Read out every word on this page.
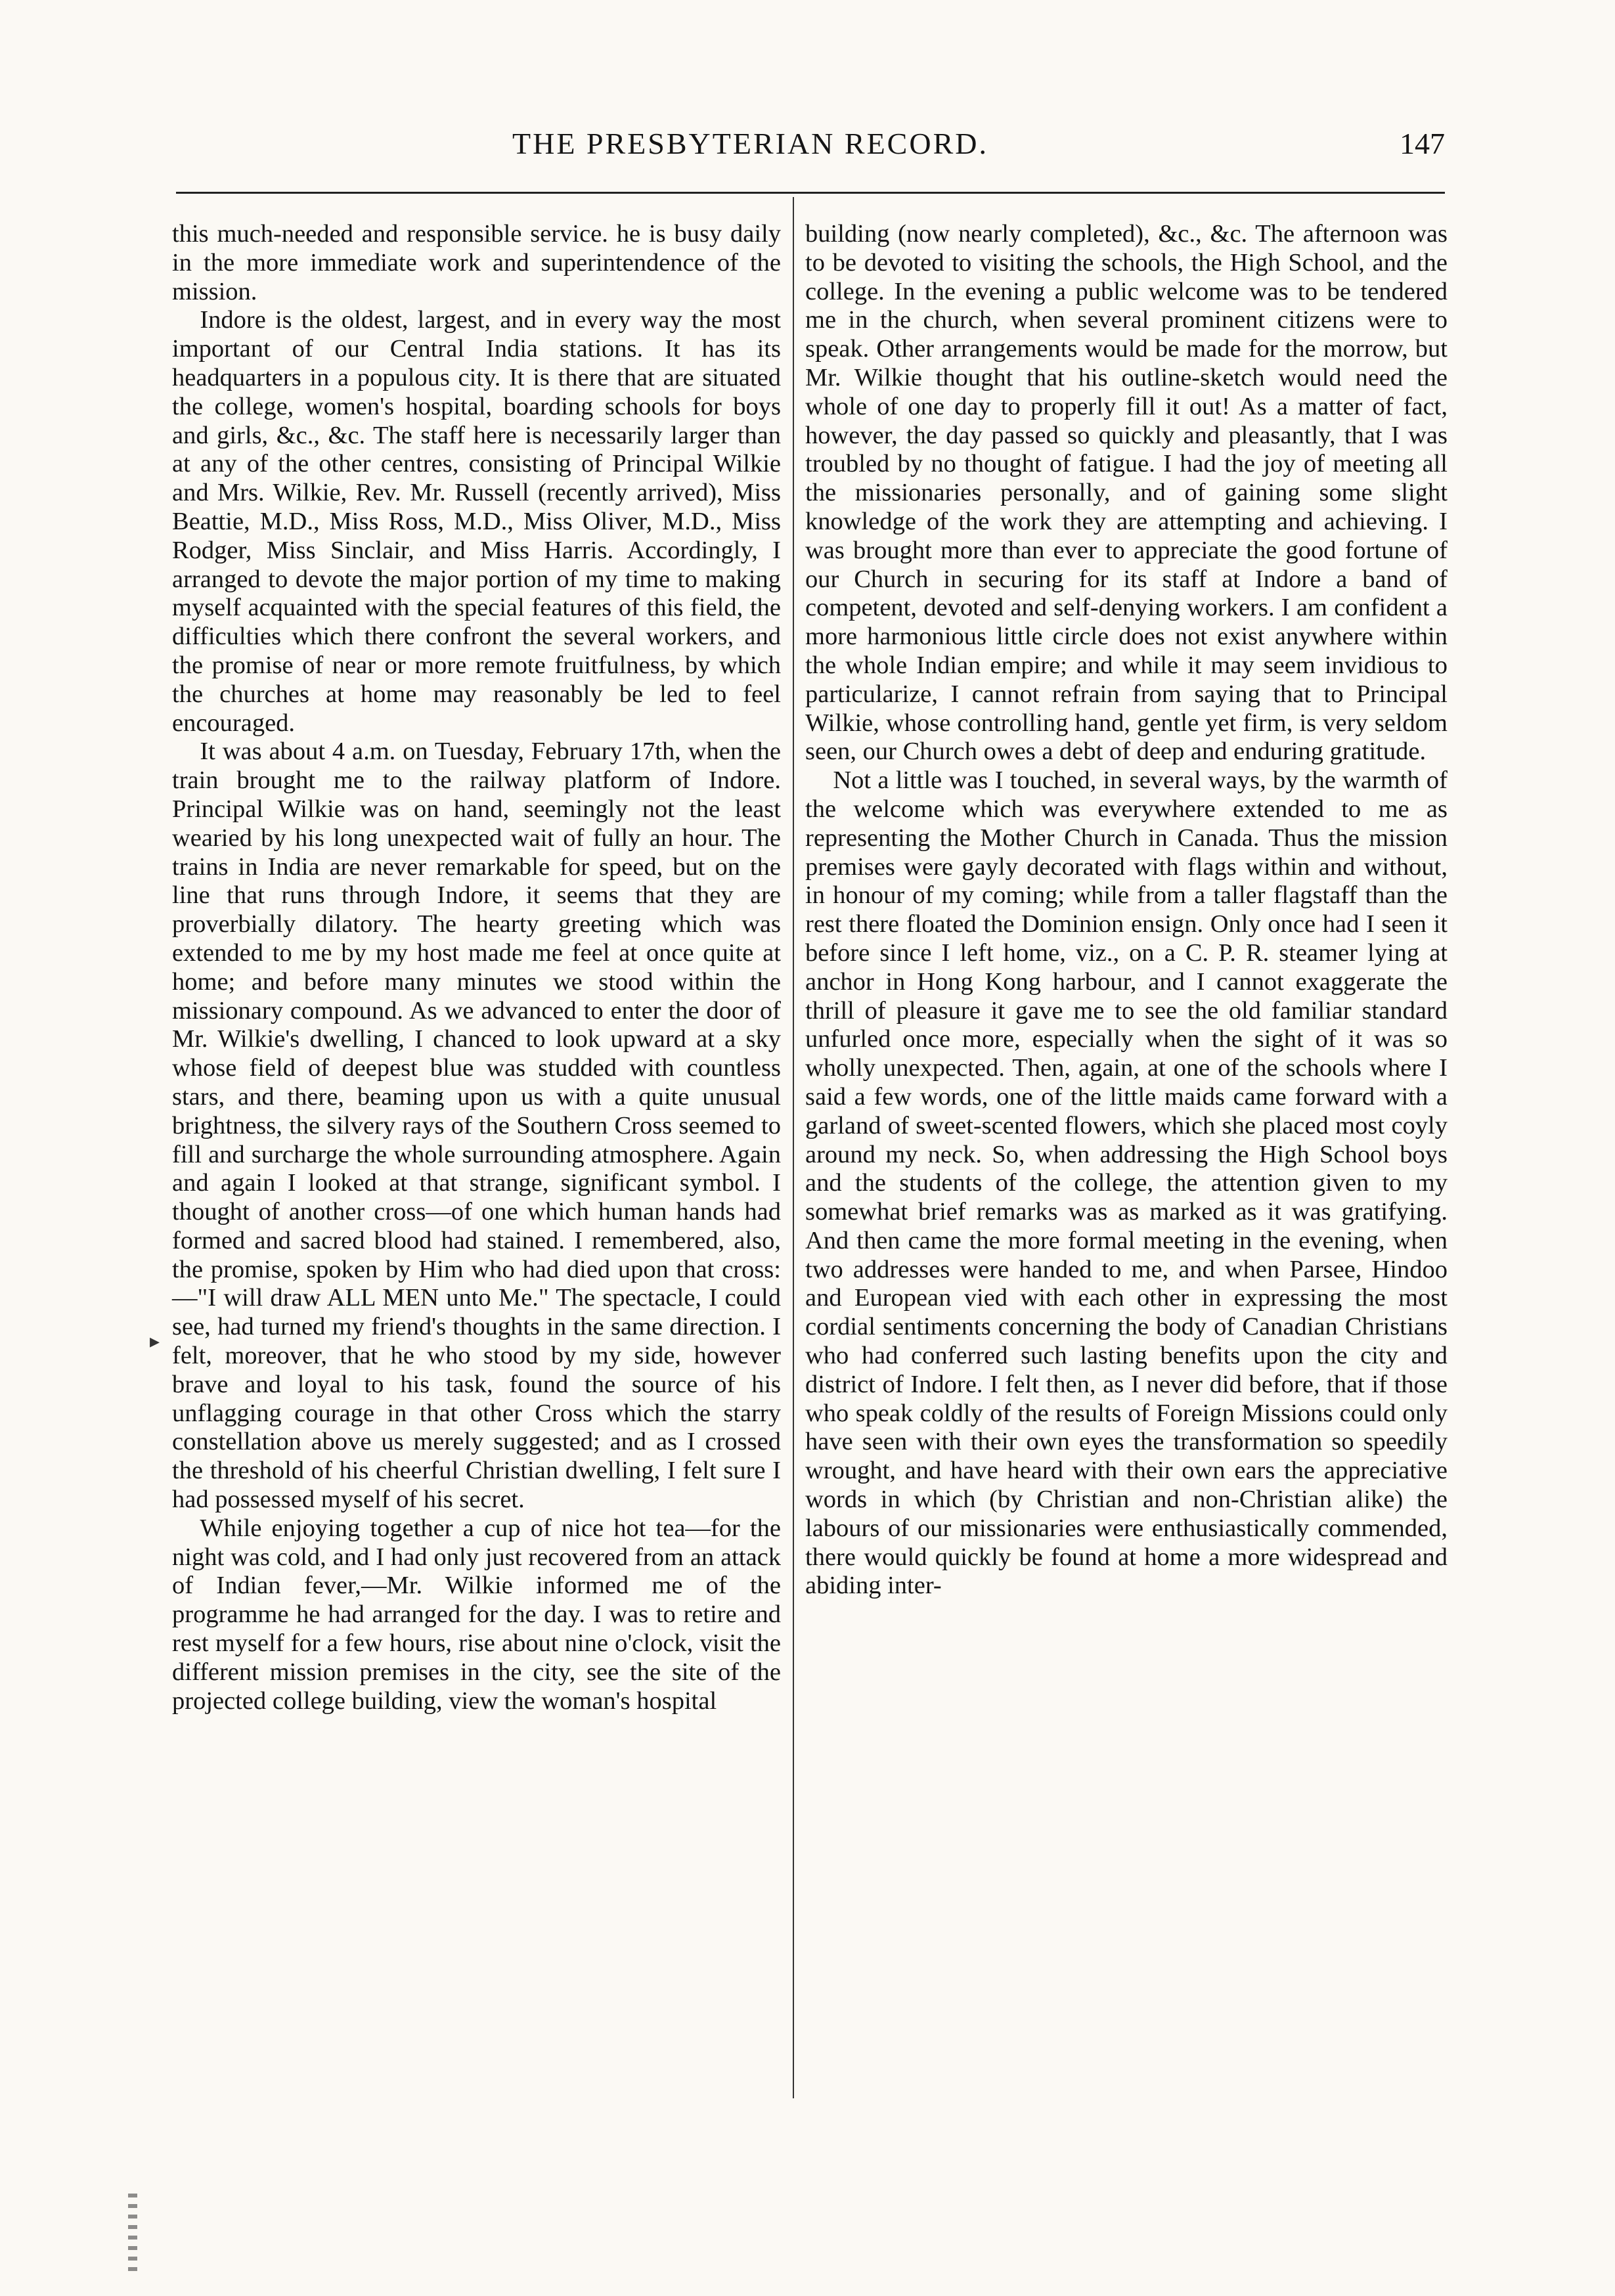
THE PRESBYTERIAN RECORD.	147

this much-needed and responsible service. he is busy daily in the more immediate work and superintendence of the mission.

Indore is the oldest, largest, and in every way the most important of our Central India stations. It has its headquarters in a populous city. It is there that are situated the college, women's hospital, boarding schools for boys and girls, &c., &c. The staff here is necessarily larger than at any of the other centres, consisting of Principal Wilkie and Mrs. Wilkie, Rev. Mr. Russell (recently arrived), Miss Beattie, M.D., Miss Ross, M.D., Miss Oliver, M.D., Miss Rodger, Miss Sinclair, and Miss Harris. Accordingly, I arranged to devote the major portion of my time to making myself acquainted with the special features of this field, the difficulties which there confront the several workers, and the promise of near or more remote fruitfulness, by which the churches at home may reasonably be led to feel encouraged.

It was about 4 a.m. on Tuesday, February 17th, when the train brought me to the railway platform of Indore. Principal Wilkie was on hand, seemingly not the least wearied by his long unexpected wait of fully an hour. The trains in India are never remarkable for speed, but on the line that runs through Indore, it seems that they are proverbially dilatory. The hearty greeting which was extended to me by my host made me feel at once quite at home; and before many minutes we stood within the missionary compound. As we advanced to enter the door of Mr. Wilkie's dwelling, I chanced to look upward at a sky whose field of deepest blue was studded with countless stars, and there, beaming upon us with a quite unusual brightness, the silvery rays of the Southern Cross seemed to fill and surcharge the whole surrounding atmosphere. Again and again I looked at that strange, significant symbol. I thought of another cross—of one which human hands had formed and sacred blood had stained. I remembered, also, the promise, spoken by Him who had died upon that cross:—"I will draw ALL MEN unto Me." The spectacle, I could see, had turned my friend's thoughts in the same direction. I felt, moreover, that he who stood by my side, however brave and loyal to his task, found the source of his unflagging courage in that other Cross which the starry constellation above us merely suggested; and as I crossed the threshold of his cheerful Christian dwelling, I felt sure I had possessed myself of his secret.

While enjoying together a cup of nice hot tea—for the night was cold, and I had only just recovered from an attack of Indian fever,—Mr. Wilkie informed me of the programme he had arranged for the day. I was to retire and rest myself for a few hours, rise about nine o'clock, visit the different mission premises in the city, see the site of the projected college building, view the woman's hospital

building (now nearly completed), &c., &c. The afternoon was to be devoted to visiting the schools, the High School, and the college. In the evening a public welcome was to be tendered me in the church, when several prominent citizens were to speak. Other arrangements would be made for the morrow, but Mr. Wilkie thought that his outline-sketch would need the whole of one day to properly fill it out! As a matter of fact, however, the day passed so quickly and pleasantly, that I was troubled by no thought of fatigue. I had the joy of meeting all the missionaries personally, and of gaining some slight knowledge of the work they are attempting and achieving. I was brought more than ever to appreciate the good fortune of our Church in securing for its staff at Indore a band of competent, devoted and self-denying workers. I am confident a more harmonious little circle does not exist anywhere within the whole Indian empire; and while it may seem invidious to particularize, I cannot refrain from saying that to Principal Wilkie, whose controlling hand, gentle yet firm, is very seldom seen, our Church owes a debt of deep and enduring gratitude.

Not a little was I touched, in several ways, by the warmth of the welcome which was everywhere extended to me as representing the Mother Church in Canada. Thus the mission premises were gayly decorated with flags within and without, in honour of my coming; while from a taller flagstaff than the rest there floated the Dominion ensign. Only once had I seen it before since I left home, viz., on a C. P. R. steamer lying at anchor in Hong Kong harbour, and I cannot exaggerate the thrill of pleasure it gave me to see the old familiar standard unfurled once more, especially when the sight of it was so wholly unexpected. Then, again, at one of the schools where I said a few words, one of the little maids came forward with a garland of sweet-scented flowers, which she placed most coyly around my neck. So, when addressing the High School boys and the students of the college, the attention given to my somewhat brief remarks was as marked as it was gratifying. And then came the more formal meeting in the evening, when two addresses were handed to me, and when Parsee, Hindoo and European vied with each other in expressing the most cordial sentiments concerning the body of Canadian Christians who had conferred such lasting benefits upon the city and district of Indore. I felt then, as I never did before, that if those who speak coldly of the results of Foreign Missions could only have seen with their own eyes the transformation so speedily wrought, and have heard with their own ears the appreciative words in which (by Christian and non-Christian alike) the labours of our missionaries were enthusiastically commended, there would quickly be found at home a more widespread and abiding inter-

▸
